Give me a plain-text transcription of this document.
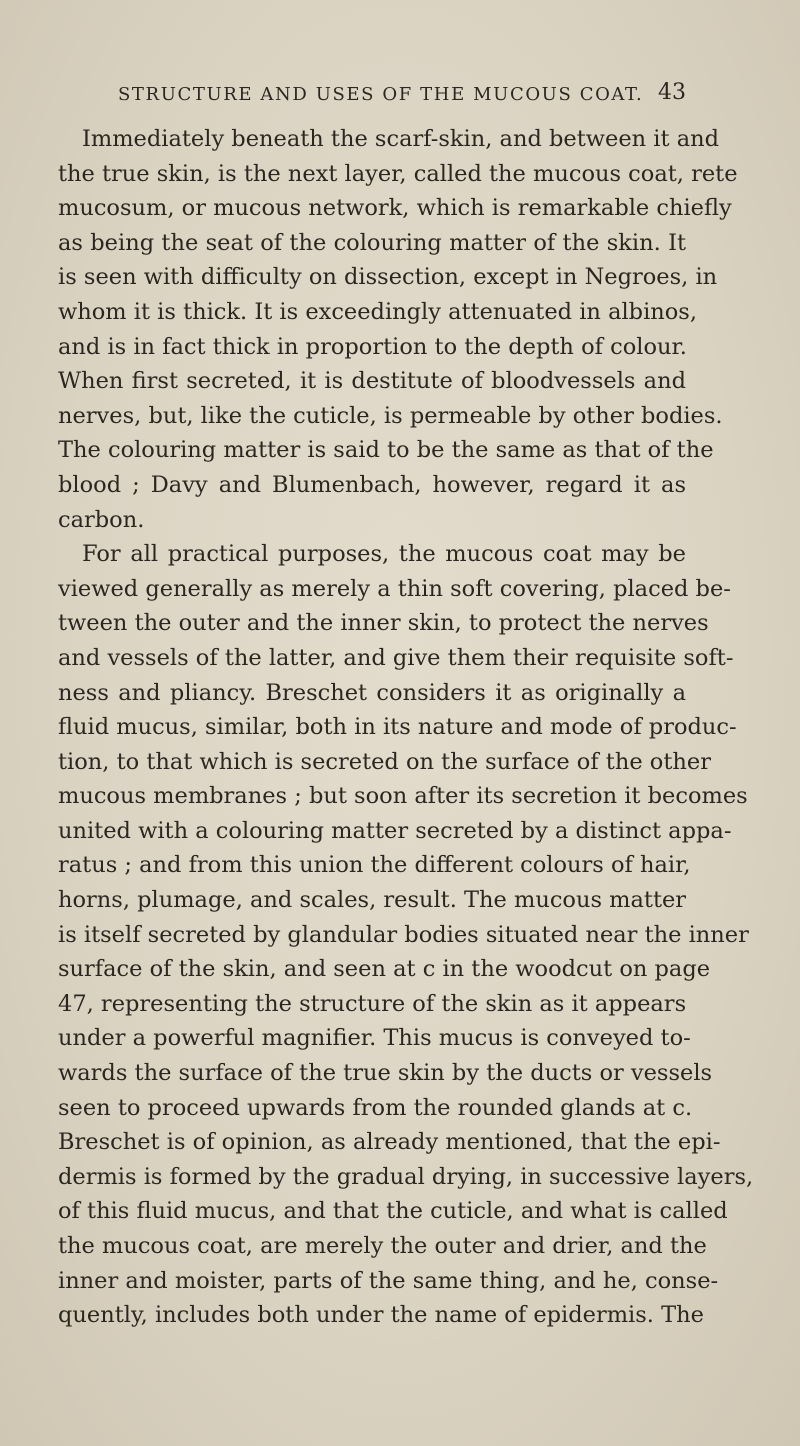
STRUCTURE AND USES OF THE MUCOUS COAT. 43
Immediately beneath the scarf-skin, and between it and
the true skin, is the next layer, called the mucous coat, rete
mucosum, or mucous network, which is remarkable chiefly
as being the seat of the colouring matter of the skin. It
is seen with difficulty on dissection, except in Negroes, in
whom it is thick. It is exceedingly attenuated in albinos,
and is in fact thick in proportion to the depth of colour.
When first secreted, it is destitute of bloodvessels and
nerves, but, like the cuticle, is permeable by other bodies.
The colouring matter is said to be the same as that of the
blood ; Davy and Blumenbach, however, regard it as
carbon.
For all practical purposes, the mucous coat may be
viewed generally as merely a thin soft covering, placed be-
tween the outer and the inner skin, to protect the nerves
and vessels of the latter, and give them their requisite soft-
ness and pliancy. Breschet considers it as originally a
fluid mucus, similar, both in its nature and mode of produc-
tion, to that which is secreted on the surface of the other
mucous membranes ; but soon after its secretion it becomes
united with a colouring matter secreted by a distinct appa-
ratus ; and from this union the different colours of hair,
horns, plumage, and scales, result. The mucous matter
is itself secreted by glandular bodies situated near the inner
surface of the skin, and seen at c in the woodcut on page
47, representing the structure of the skin as it appears
under a powerful magnifier. This mucus is conveyed to-
wards the surface of the true skin by the ducts or vessels
seen to proceed upwards from the rounded glands at c.
Breschet is of opinion, as already mentioned, that the epi-
dermis is formed by the gradual drying, in successive layers,
of this fluid mucus, and that the cuticle, and what is called
the mucous coat, are merely the outer and drier, and the
inner and moister, parts of the same thing, and he, conse-
quently, includes both under the name of epidermis. The
